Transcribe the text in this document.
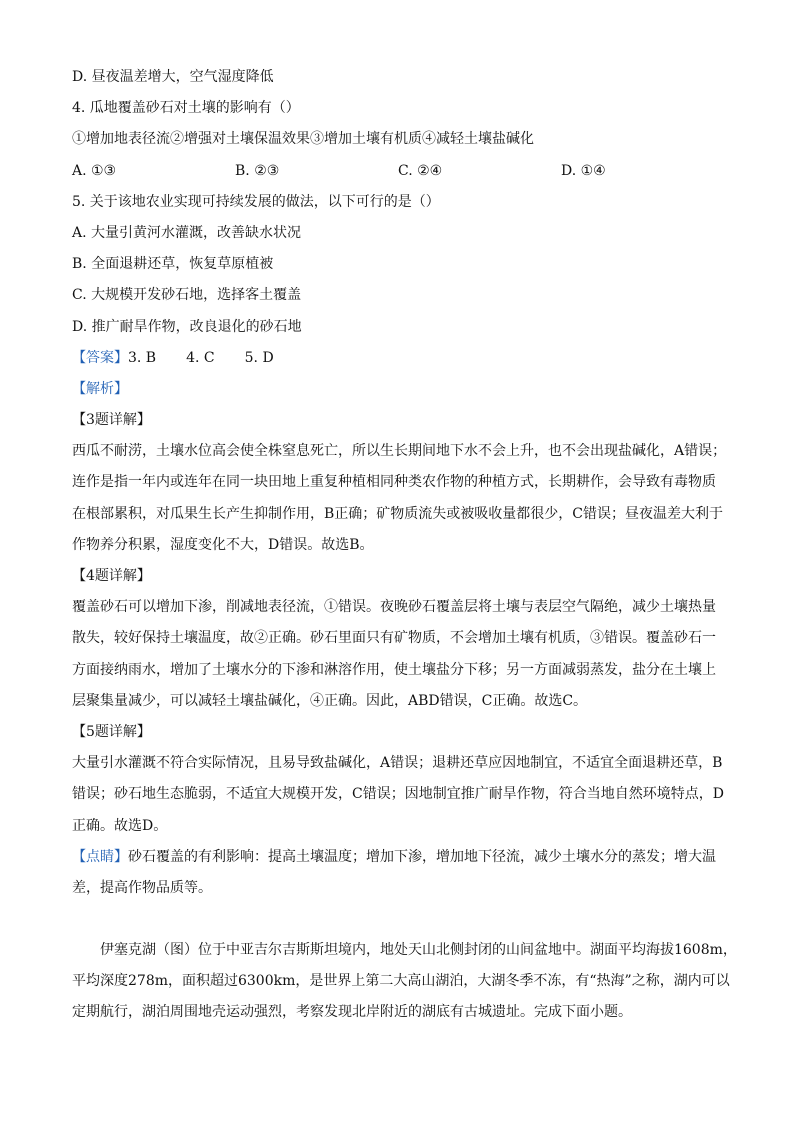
D. 昼夜温差增大，空气湿度降低
4. 瓜地覆盖砂石对土壤的影响有（）
①增加地表径流②增强对土壤保温效果③增加土壤有机质④减轻土壤盐碱化
A. ①③	B. ②③	C. ②④	D. ①④
5. 关于该地农业实现可持续发展的做法，以下可行的是（）
A. 大量引黄河水灌溉，改善缺水状况
B. 全面退耕还草，恢复草原植被
C. 大规模开发砂石地，选择客土覆盖
D. 推广耐旱作物，改良退化的砂石地
【答案】3. B 4. C 5. D
【解析】
【3题详解】
西瓜不耐涝，土壤水位高会使全株窒息死亡，所以生长期间地下水不会上升，也不会出现盐碱化，A错误；
连作是指一年内或连年在同一块田地上重复种植相同种类农作物的种植方式，长期耕作，会导致有毒物质
在根部累积，对瓜果生长产生抑制作用，B正确；矿物质流失或被吸收量都很少，C错误；昼夜温差大利于
作物养分积累，湿度变化不大，D错误。故选B。
【4题详解】
覆盖砂石可以增加下渗，削减地表径流，①错误。夜晚砂石覆盖层将土壤与表层空气隔绝，减少土壤热量
散失，较好保持土壤温度，故②正确。砂石里面只有矿物质，不会增加土壤有机质，③错误。覆盖砂石一
方面接纳雨水，增加了土壤水分的下渗和淋溶作用，使土壤盐分下移；另一方面减弱蒸发，盐分在土壤上
层聚集量减少，可以减轻土壤盐碱化，④正确。因此，ABD错误，C正确。故选C。
【5题详解】
大量引水灌溉不符合实际情况，且易导致盐碱化，A错误；退耕还草应因地制宜，不适宜全面退耕还草，B
错误；砂石地生态脆弱，不适宜大规模开发，C错误；因地制宜推广耐旱作物，符合当地自然环境特点，D
正确。故选D。
【点睛】砂石覆盖的有利影响：提高土壤温度；增加下渗，增加地下径流，减少土壤水分的蒸发；增大温
差，提高作物品质等。
伊塞克湖（图）位于中亚吉尔吉斯斯坦境内，地处天山北侧封闭的山间盆地中。湖面平均海拔1608m，
平均深度278m，面积超过6300km，是世界上第二大高山湖泊，大湖冬季不冻，有“热海”之称，湖内可以
定期航行，湖泊周围地壳运动强烈，考察发现北岸附近的湖底有古城遗址。完成下面小题。
